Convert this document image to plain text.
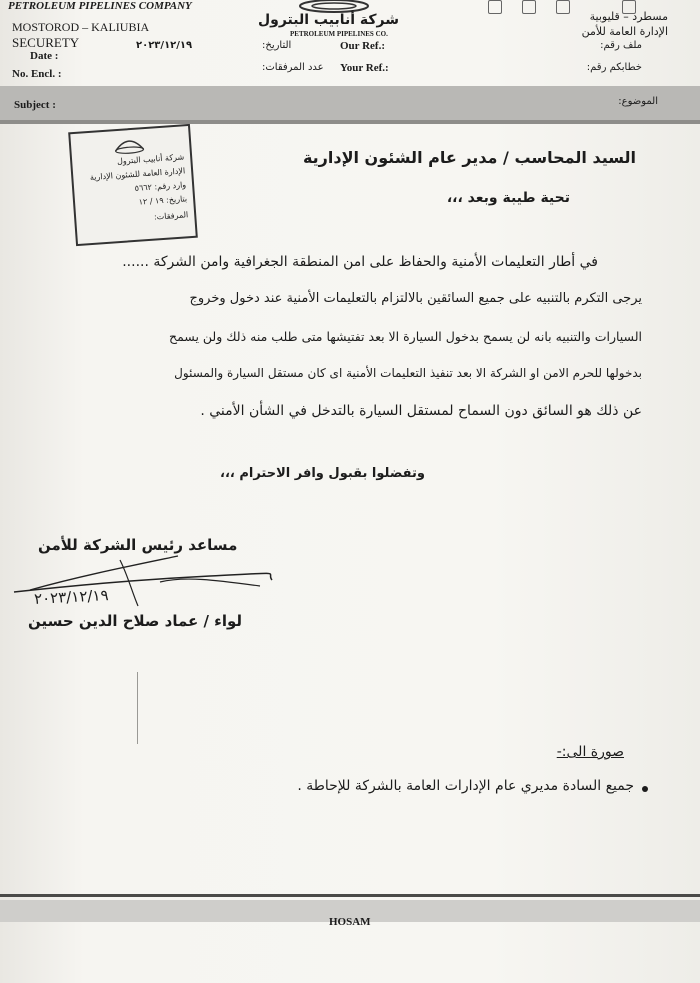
PETROLEUM PIPELINES COMPANY
MOSTOROD – KALIUBIA
SECURETY
Date :
٢٠٢٣/١٢/١٩
No. Encl. :
شركة أنابيب البترول
PETROLEUM PIPELINES CO.
التاريخ:	Our Ref.:
عدد المرفقات: Your Ref.:
مسطرد – قليوبية
الإدارة العامة للأمن
ملف رقم:
خطابكم رقم:
Subject :	الموضوع:
شركة أنابيب البترول
الإدارة العامة للشئون الإدارية
وارد رقم: ٥٦٦٢
بتاريخ: ١٩ / ١٢
المرفقات:
السيد المحاسب / مدير عام الشئون الإدارية
تحية طيبة وبعد ،،،
في أطار التعليمات الأمنية والحفاظ على امن المنطقة الجغرافية وامن الشركة ......
يرجى التكرم بالتنبيه على جميع السائقين بالالتزام بالتعليمات الأمنية عند دخول وخروج
السيارات والتنبيه بانه لن يسمح بدخول السيارة الا بعد تفتيشها متى طلب منه ذلك ولن يسمح
بدخولها للحرم الامن او الشركة الا بعد تنفيذ التعليمات الأمنية اى كان مستقل السيارة والمسئول
عن ذلك هو السائق دون السماح لمستقل السيارة بالتدخل في الشأن الأمني .
وتفضلوا بقبول وافر الاحترام ،،،
مساعد رئيس الشركة للأمن
٢٠٢٣/١٢/١٩
لواء / عماد صلاح الدين حسين
صورة الى:-
جميع السادة مديري عام الإدارات العامة بالشركة للإحاطة .
HOSAM
